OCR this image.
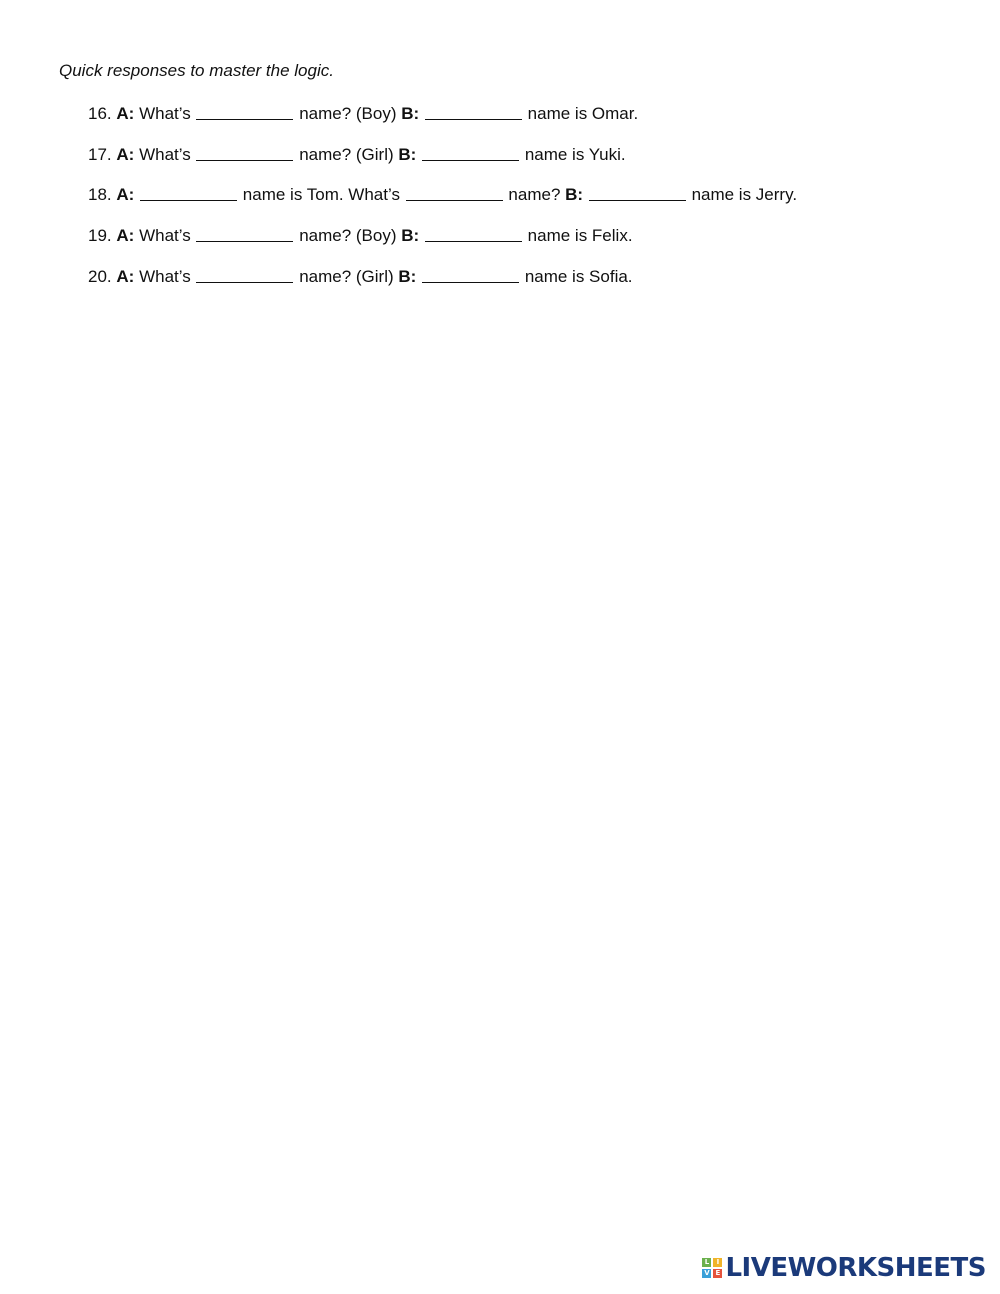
Quick responses to master the logic.
16. A: What’s	name? (Boy) B:	name is Omar.
17. A: What’s	name? (Girl) B:	name is Yuki.
18. A:	name is Tom. What’s	name? B:	name is Jerry.
19. A: What’s	name? (Boy) B:	name is Felix.
20. A: What’s	name? (Girl) B:	name is Sofia.
L	I
V E LIVEWORKSHEETS
